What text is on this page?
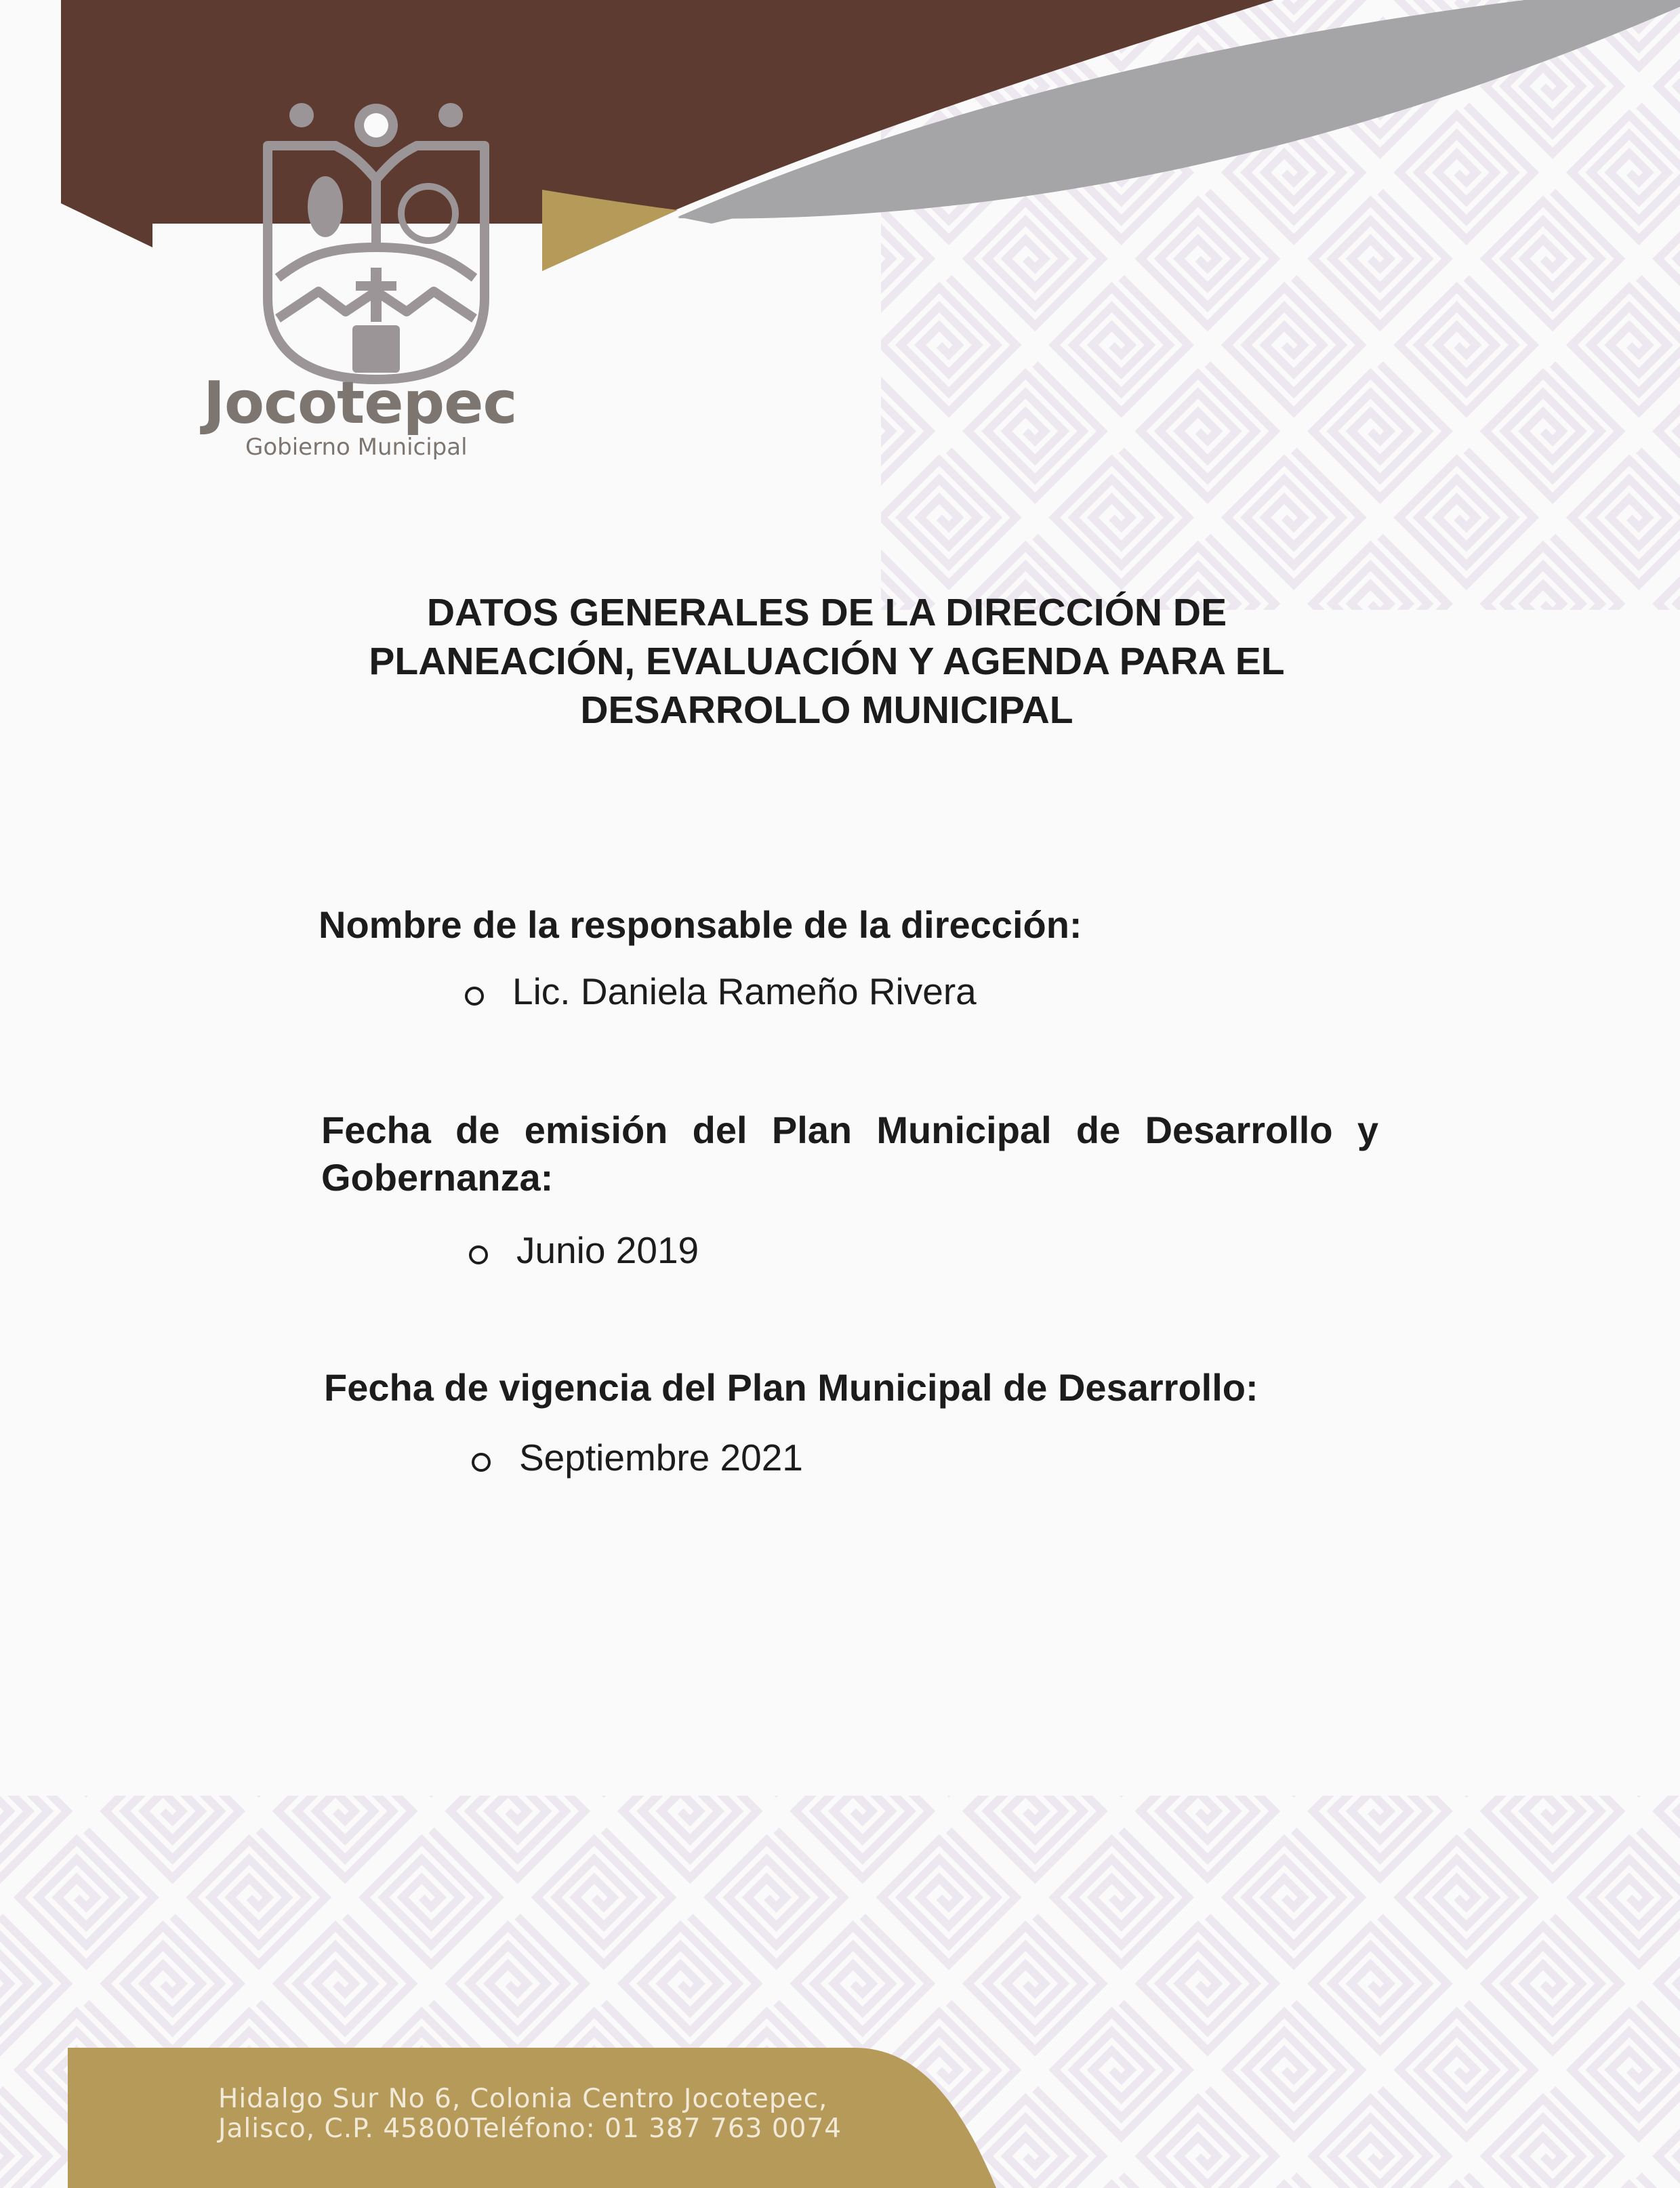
Jocotepec
Gobierno Municipal
DATOS GENERALES DE LA DIRECCIÓN DE
PLANEACIÓN, EVALUACIÓN Y AGENDA PARA EL
DESARROLLO MUNICIPAL
Nombre de la responsable de la dirección:
Lic. Daniela Rameño Rivera
Fecha de emisión del Plan Municipal de Desarrollo y
Gobernanza:
Junio 2019
Fecha de vigencia del Plan Municipal de Desarrollo:
Septiembre 2021
Hidalgo Sur No 6, Colonia Centro Jocotepec,
Jalisco, C.P. 45800Teléfono: 01 387 763 0074
